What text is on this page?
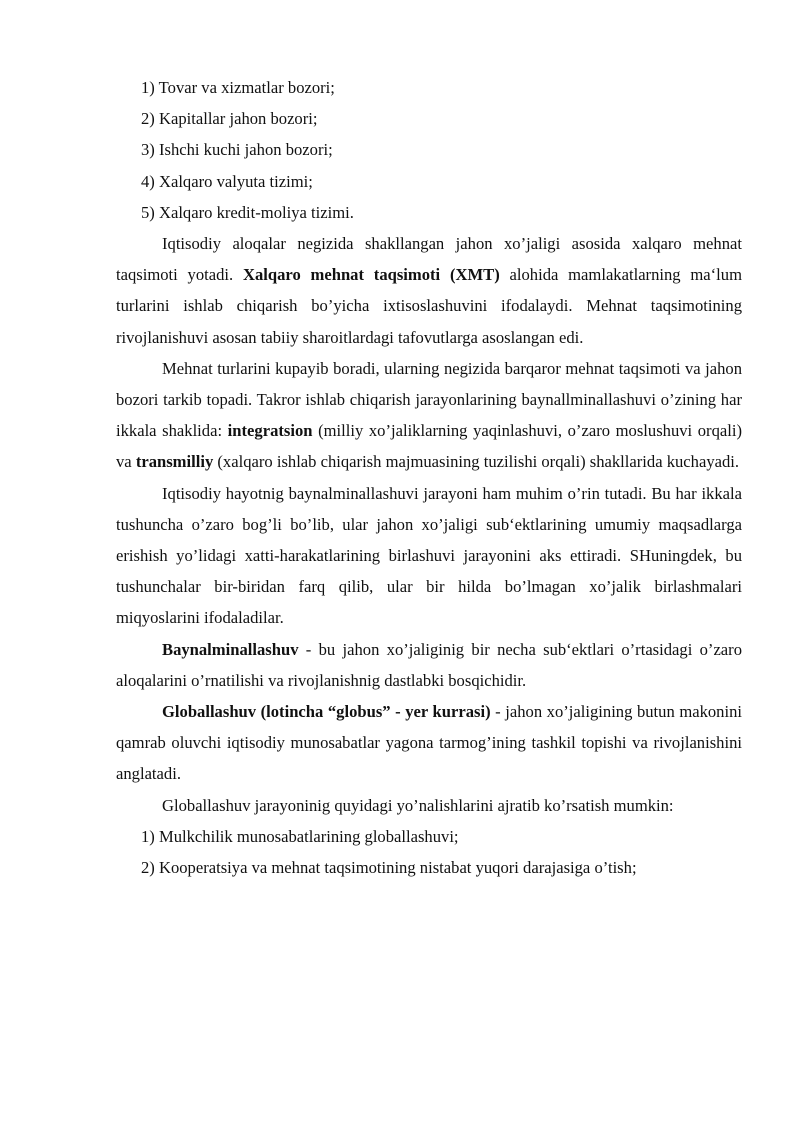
1) Tovar va xizmatlar bozori;

2) Kapitallar jahon bozori;

3) Ishchi kuchi jahon bozori;

4) Xalqaro valyuta tizimi;

5) Xalqaro kredit-moliya tizimi.

Iqtisodiy aloqalar negizida shakllangan jahon xo’jaligi asosida xalqaro mehnat taqsimoti yotadi. Xalqaro mehnat taqsimoti (XMT) alohida mamlakatlarning ma‘lum turlarini ishlab chiqarish bo’yicha ixtisoslashuvini ifodalaydi. Mehnat taqsimotining rivojlanishuvi asosan tabiiy sharoitlardagi tafovutlarga asoslangan edi.

Mehnat turlarini kupayib boradi, ularning negizida barqaror mehnat taqsimoti va jahon bozori tarkib topadi. Takror ishlab chiqarish jarayonlarining baynallminallashuvi o’zining har ikkala shaklida: integratsion (milliy xo’jaliklarning yaqinlashuvi, o’zaro moslushuvi orqali) va transmilliy (xalqaro ishlab chiqarish majmuasining tuzilishi orqali) shakllarida kuchayadi.

Iqtisodiy hayotnig baynalminallashuvi jarayoni ham muhim o’rin tutadi. Bu har ikkala tushuncha o’zaro bog’li bo’lib, ular jahon xo’jaligi sub‘ektlarining umumiy maqsadlarga erishish yo’lidagi xatti-harakatlarining birlashuvi jarayonini aks ettiradi. SHuningdek, bu tushunchalar bir-biridan farq qilib, ular bir hilda bo’lmagan xo’jalik birlashmalari miqyoslarini ifodaladilar.

Baynalminallashuv - bu jahon xo’jaliginig bir necha sub‘ektlari o’rtasidagi o’zaro aloqalarini o’rnatilishi va rivojlanishnig dastlabki bosqichidir.

Globallashuv (lotincha “globus” - yer kurrasi) - jahon xo’jaligining butun makonini qamrab oluvchi iqtisodiy munosabatlar yagona tarmog’ining tashkil topishi va rivojlanishini anglatadi.

Globallashuv jarayoninig quyidagi yo’nalishlarini ajratib ko’rsatish mumkin:

1) Mulkchilik munosabatlarining globallashuvi;

2) Kooperatsiya va mehnat taqsimotining nistabat yuqori darajasiga o’tish;
